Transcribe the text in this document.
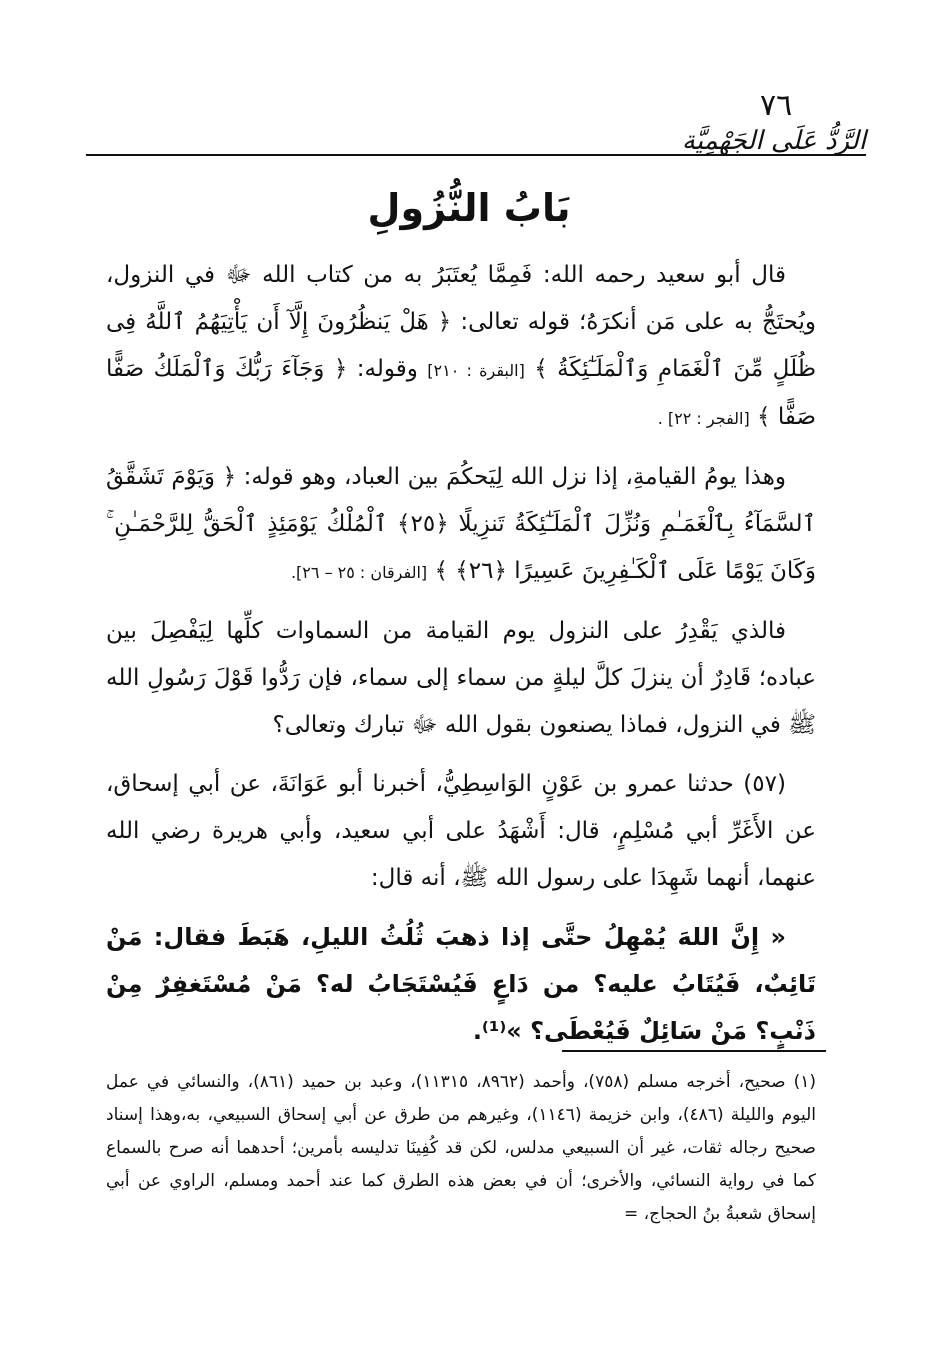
٧٦
الرَّدُّ عَلَى الجَهْمِيَّة
بَابُ النُّزُولِ

قال أبو سعيد رحمه الله: فَمِمَّا يُعتَبَرُ به من كتاب الله ﷻ في النزول، ويُحتَجُّ به على مَن أنكرَهُ؛ قوله تعالى: ﴿ هَلْ يَنظُرُونَ إِلَّآ أَن يَأْتِيَهُمُ ٱللَّهُ فِى ظُلَلٍ مِّنَ ٱلْغَمَامِ وَٱلْمَلَـٰٓئِكَةُ ﴾ [البقرة : ٢١٠] وقوله: ﴿ وَجَآءَ رَبُّكَ وَٱلْمَلَكُ صَفًّا صَفًّا ﴾ [الفجر : ٢٢] .

وهذا يومُ القيامةِ، إذا نزل الله لِيَحكُمَ بين العباد، وهو قوله: ﴿ وَيَوْمَ تَشَقَّقُ ٱلسَّمَآءُ بِٱلْغَمَـٰمِ وَنُزِّلَ ٱلْمَلَـٰٓئِكَةُ تَنزِيلًا ﴿٢٥﴾ ٱلْمُلْكُ يَوْمَئِذٍ ٱلْحَقُّ لِلرَّحْمَـٰنِ ۚ وَكَانَ يَوْمًا عَلَى ٱلْكَـٰفِرِينَ عَسِيرًا ﴿٢٦﴾ ﴾ [الفرقان : ٢٥ – ٢٦].

فالذي يَقْدِرُ على النزول يوم القيامة من السماوات كلِّها لِيَفْصِلَ بين عباده؛ قَادِرٌ أن ينزلَ كلَّ ليلةٍ من سماء إلى سماء، فإن رَدُّوا قَوْلَ رَسُولِ الله ﷺ في النزول، فماذا يصنعون بقول الله ﷻ تبارك وتعالى؟

(٥٧) حدثنا عمرو بن عَوْنٍ الوَاسِطِيُّ، أخبرنا أبو عَوَانَةَ، عن أبي إسحاق، عن الأَغَرِّ أبي مُسْلِمٍ، قال: أَشْهَدُ على أبي سعيد، وأبي هريرة رضي الله عنهما، أنهما شَهِدَا على رسول الله ﷺ، أنه قال:

« إِنَّ اللهَ يُمْهِلُ حتَّى إذا ذهبَ ثُلُثُ الليلِ، هَبَطَ فقال: مَنْ تَائِبٌ، فَيُتَابُ عليه؟ من دَاعٍ فَيُسْتَجَابُ له؟ مَنْ مُسْتَغفِرٌ مِنْ ذَنْبٍ؟ مَنْ سَائِلٌ فَيُعْطَى؟ »⁽¹⁾.

(١) صحيح، أخرجه مسلم (٧٥٨)، وأحمد (٨٩٦٢، ١١٣١٥)، وعبد بن حميد (٨٦١)، والنسائي في عمل اليوم والليلة (٤٨٦)، وابن خزيمة (١١٤٦)، وغيرهم من طرق عن أبي إسحاق السبيعي، به،وهذا إسناد صحيح رجاله ثقات، غير أن السبيعي مدلس، لكن قد كُفِينَا تدليسه بأمرين؛ أحدهما أنه صرح بالسماع كما في رواية النسائي، والأخرى؛ أن في بعض هذه الطرق كما عند أحمد ومسلم، الراوي عن أبي إسحاق شعبةُ بنُ الحجاج، =
